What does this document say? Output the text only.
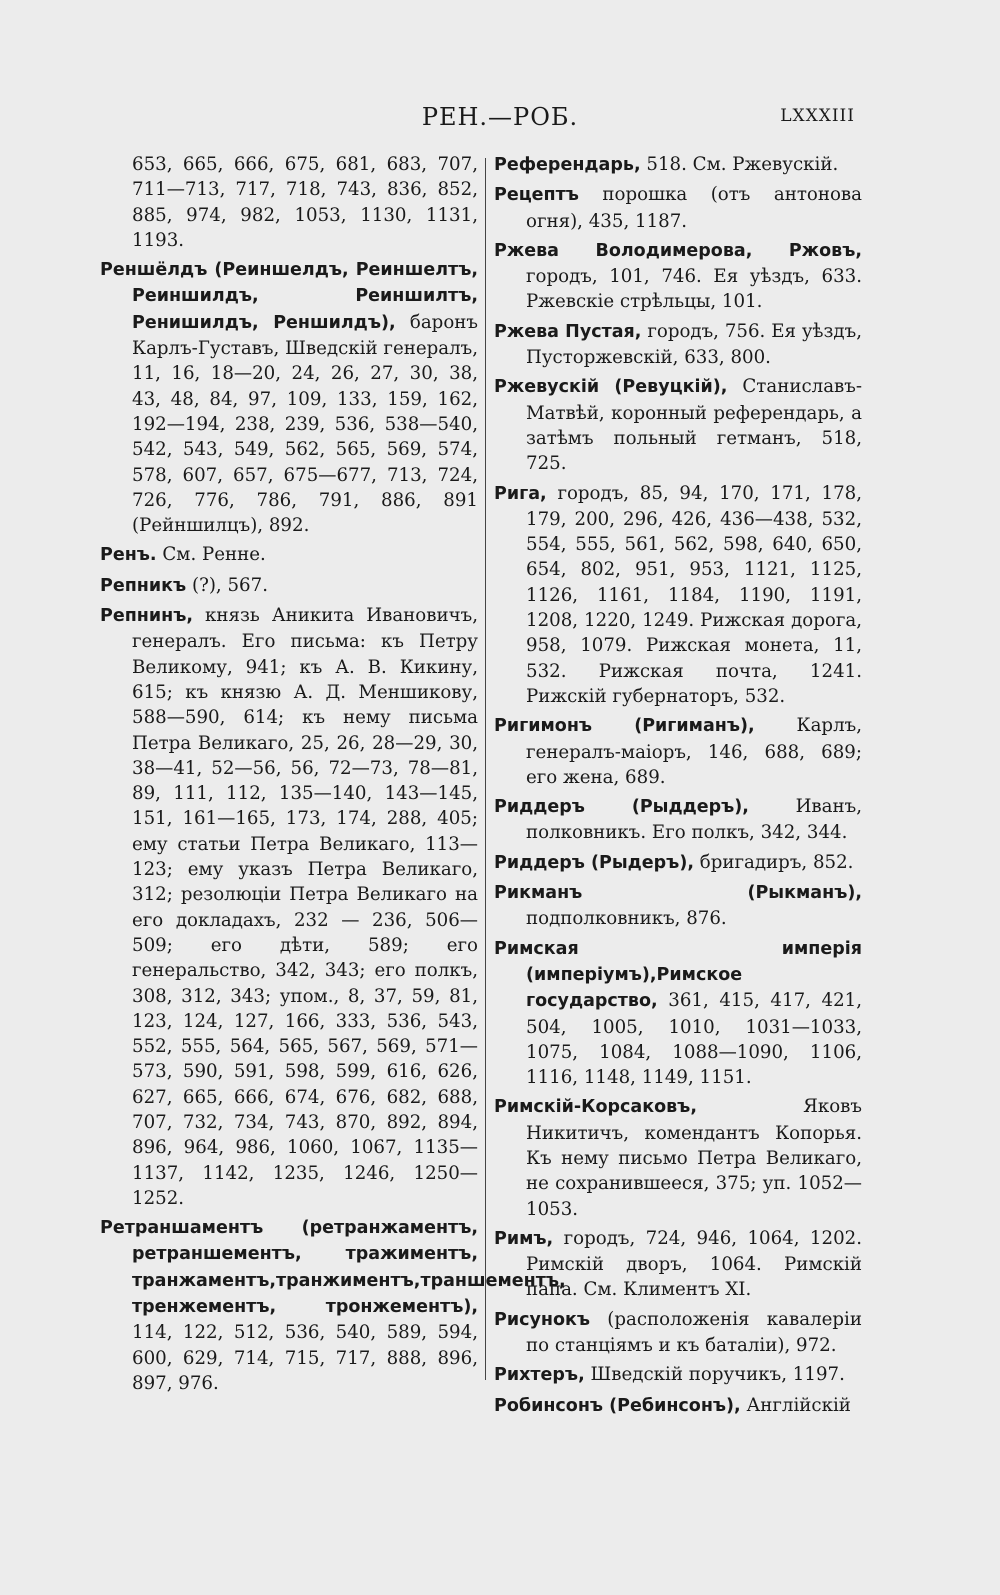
РЕН.—РОБ.	LXXXIII

653, 665, 666, 675, 681, 683, 707, 711—713, 717, 718, 743, 836, 852, 885, 974, 982, 1053, 1130, 1131, 1193.

Реншёлдъ (Реиншелдъ, Реиншелтъ, Реиншилдъ, Реиншилтъ, Ренишилдъ, Реншилдъ), баронъ Карлъ-Густавъ, Шведскій генералъ, 11, 16, 18—20, 24, 26, 27, 30, 38, 43, 48, 84, 97, 109, 133, 159, 162, 192—194, 238, 239, 536, 538—540, 542, 543, 549, 562, 565, 569, 574, 578, 607, 657, 675—677, 713, 724, 726, 776, 786, 791, 886, 891 (Рейншилцъ), 892.

Ренъ. См. Ренне.

Репникъ (?), 567.

Репнинъ, князь Аникита Ивановичъ, генералъ. Его письма: къ Петру Великому, 941; къ А. В. Кикину, 615; къ князю А. Д. Меншикову, 588—590, 614; къ нему письма Петра Великаго, 25, 26, 28—29, 30, 38—41, 52—56, 56, 72—73, 78—81, 89, 111, 112, 135—140, 143—145, 151, 161—165, 173, 174, 288, 405; ему статьи Петра Великаго, 113—123; ему указъ Петра Великаго, 312; резолюціи Петра Великаго на его докладахъ, 232 — 236, 506—509; его дѣти, 589; его генеральство, 342, 343; его полкъ, 308, 312, 343; упом., 8, 37, 59, 81, 123, 124, 127, 166, 333, 536, 543, 552, 555, 564, 565, 567, 569, 571—573, 590, 591, 598, 599, 616, 626, 627, 665, 666, 674, 676, 682, 688, 707, 732, 734, 743, 870, 892, 894, 896, 964, 986, 1060, 1067, 1135—1137, 1142, 1235, 1246, 1250—1252.

Ретраншаментъ (ретранжаментъ, ретраншементъ, тражиментъ, транжаментъ,транжиментъ,траншементъ, тренжементъ, тронжементъ), 114, 122, 512, 536, 540, 589, 594, 600, 629, 714, 715, 717, 888, 896, 897, 976.

Референдарь, 518. См. Ржевускій.

Рецептъ порошка (отъ антонова огня), 435, 1187.

Ржева Володимерова, Ржовъ, городъ, 101, 746. Ея уѣздъ, 633. Ржевскіе стрѣльцы, 101.

Ржева Пустая, городъ, 756. Ея уѣздъ, Пусторжевскій, 633, 800.

Ржевускій (Ревуцкій), Станиславъ-Матвѣй, коронный референдарь, а затѣмъ польный гетманъ, 518, 725.

Рига, городъ, 85, 94, 170, 171, 178, 179, 200, 296, 426, 436—438, 532, 554, 555, 561, 562, 598, 640, 650, 654, 802, 951, 953, 1121, 1125, 1126, 1161, 1184, 1190, 1191, 1208, 1220, 1249. Рижская дорога, 958, 1079. Рижская монета, 11, 532. Рижская почта, 1241. Рижскій губернаторъ, 532.

Ригимонъ (Ригиманъ), Карлъ, генералъ-маіоръ, 146, 688, 689; его жена, 689.

Риддеръ (Рыддеръ),	Иванъ, полковникъ. Его полкъ, 342, 344.

Риддеръ (Рыдеръ), бригадиръ, 852.

Рикманъ (Рыкманъ), подполковникъ, 876.

Римская имперія (имперіумъ),Римское государство, 361, 415, 417, 421, 504, 1005, 1010, 1031—1033, 1075, 1084, 1088—1090, 1106, 1116, 1148, 1149, 1151.

Римскій-Корсаковъ,	Яковъ Никитичъ, комендантъ Копорья. Къ нему письмо Петра Великаго, не сохранившееся, 375; уп. 1052—1053.

Римъ, городъ, 724, 946, 1064, 1202. Римскій дворъ, 1064. Римскій папа. См. Климентъ XI.

Рисунокъ (расположенія кавалеріи по станціямъ и къ баталіи), 972.

Рихтеръ, Шведскій поручикъ, 1197.

Робинсонъ (Ребинсонъ), Англійскій
